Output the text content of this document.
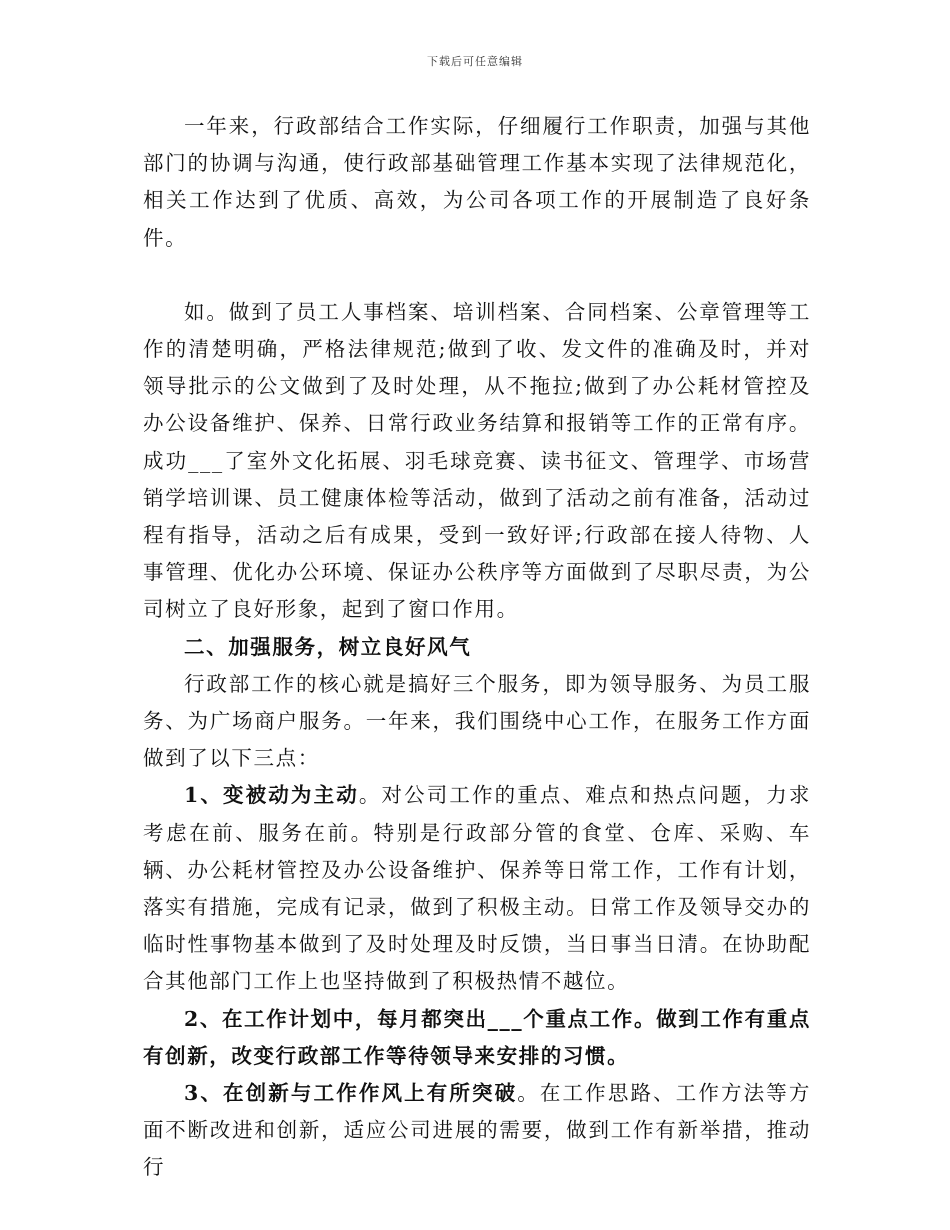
下载后可任意编辑

一年来，行政部结合工作实际，仔细履行工作职责，加强与其他部门的协调与沟通，使行政部基础管理工作基本实现了法律规范化，相关工作达到了优质、高效，为公司各项工作的开展制造了良好条件。

如。做到了员工人事档案、培训档案、合同档案、公章管理等工作的清楚明确，严格法律规范;做到了收、发文件的准确及时，并对领导批示的公文做到了及时处理，从不拖拉;做到了办公耗材管控及办公设备维护、保养、日常行政业务结算和报销等工作的正常有序。成功___了室外文化拓展、羽毛球竞赛、读书征文、管理学、市场营销学培训课、员工健康体检等活动，做到了活动之前有准备，活动过程有指导，活动之后有成果，受到一致好评;行政部在接人待物、人事管理、优化办公环境、保证办公秩序等方面做到了尽职尽责，为公司树立了良好形象，起到了窗口作用。

二、加强服务，树立良好风气

行政部工作的核心就是搞好三个服务，即为领导服务、为员工服务、为广场商户服务。一年来，我们围绕中心工作，在服务工作方面做到了以下三点：

1、变被动为主动。对公司工作的重点、难点和热点问题，力求考虑在前、服务在前。特别是行政部分管的食堂、仓库、采购、车辆、办公耗材管控及办公设备维护、保养等日常工作，工作有计划，落实有措施，完成有记录，做到了积极主动。日常工作及领导交办的临时性事物基本做到了及时处理及时反馈，当日事当日清。在协助配合其他部门工作上也坚持做到了积极热情不越位。

2、在工作计划中，每月都突出___个重点工作。做到工作有重点有创新，改变行政部工作等待领导来安排的习惯。

3、在创新与工作作风上有所突破。在工作思路、工作方法等方面不断改进和创新，适应公司进展的需要，做到工作有新举措，推动行
